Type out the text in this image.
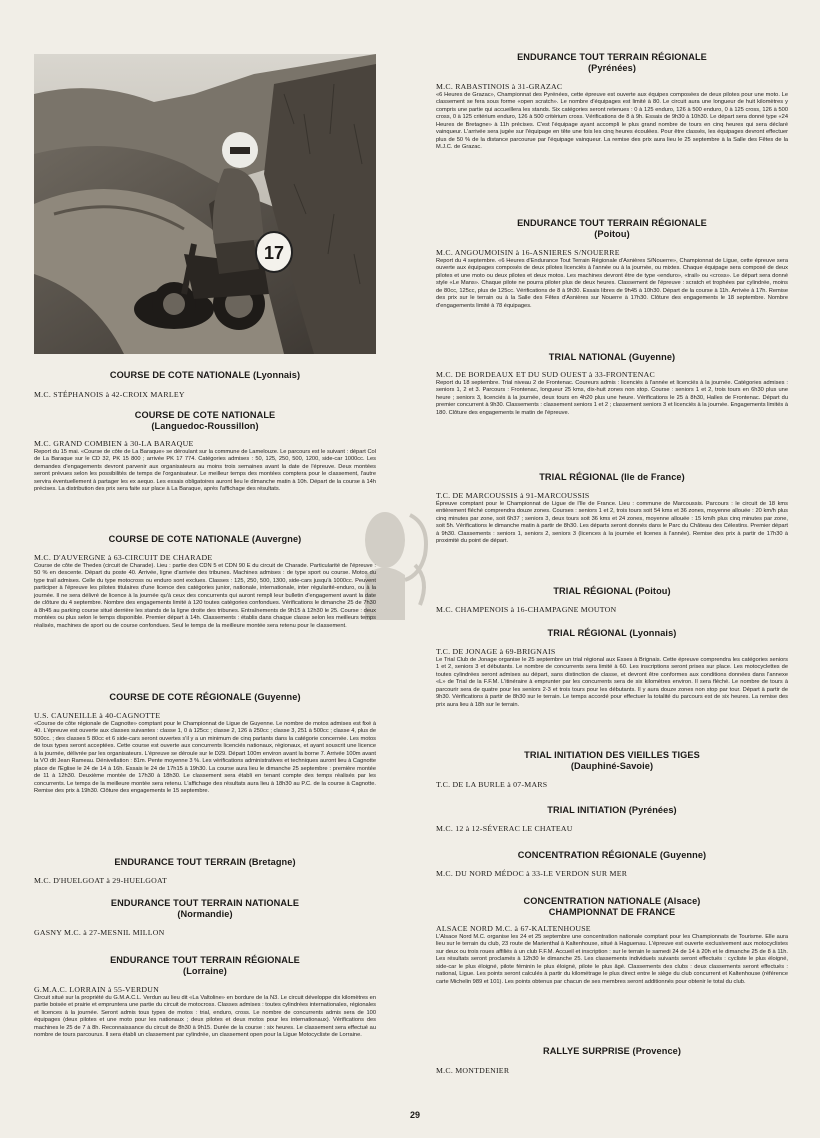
17
COURSE DE COTE NATIONALE (Lyonnais)
M.C. STÉPHANOIS à 42-CROIX MARLEY
COURSE DE COTE NATIONALE
(Languedoc-Roussillon)
M.C. GRAND COMBIEN à 30-LA BARAQUE

Report du 15 mai. «Course de côte de La Baraque» se déroulant sur la commune de Lamelouze. Le parcours est le suivant : départ Col de La Baraque sur le CD 32, PK 15 800 ; arrivée PK 17 774. Catégories admises : 50, 125, 250, 500, 1200, side-car 1000cc. Les demandes d'engagements devront parvenir aux organisateurs au moins trois semaines avant la date de l'épreuve. Deux montées seront prévues selon les possibilités de temps de l'organisateur. Le meilleur temps des montées comptera pour le classement, l'autre servira éventuellement à partager les ex aequo. Les essais obligatoires auront lieu le dimanche matin à 10h. Départ de la course à 14h précises. La distribution des prix sera faite sur place à La Baraque, après l'affichage des résultats.

COURSE DE COTE NATIONALE (Auvergne)
M.C. D'AUVERGNE à 63-CIRCUIT DE CHARADE

Course de côte de Thedes (circuit de Charade). Lieu : partie des CDN 5 et CDN 90 E du circuit de Charade. Particularité de l'épreuve : 50 % en descente. Départ du poste 40. Arrivée, ligne d'arrivée des tribunes. Machines admises : de type sport ou course. Motos du type trail admises. Celle du type motocross ou enduro sont exclues. Classes : 125, 250, 500, 1300, side-cars jusqu'à 1000cc. Peuvent participer à l'épreuve les pilotes titulaires d'une licence des catégories junior, nationale, internationale, inter régularité-enduro, ou à la journée. Il ne sera délivré de licence à la journée qu'à ceux des concurrents qui auront rempli leur bulletin d'engagement avant la date de clôture du 4 septembre. Nombre des engagements limité à 120 toutes catégories confondues. Vérifications le dimanche 25 de 7h30 à 8h45 au parking course situé derrière les stands de la ligne droite des tribunes. Entraînements de 9h15 à 12h30 le 25. Course : deux montées ou plus selon le temps disponible. Premier départ à 14h. Classements : établis dans chaque classe selon les meilleurs temps réalisés, machines de sport ou de course confondues. Seul le temps de la meilleure montée sera retenu pour le classement.

COURSE DE COTE RÉGIONALE (Guyenne)
U.S. CAUNEILLE à 40-CAGNOTTE

«Course de côte régionale de Cagnotte» comptant pour le Championnat de Ligue de Guyenne. Le nombre de motos admises est fixé à 40. L'épreuve est ouverte aux classes suivantes : classe 1, 0 à 125cc ; classe 2, 126 à 250cc ; classe 3, 251 à 500cc ; classe 4, plus de 500cc. ; des classes 5 80cc et 6 side-cars seront ouvertes s'il y a un minimum de cinq partants dans la catégorie concernée. Les motos de tous types seront acceptées. Cette course est ouverte aux concurrents licenciés nationaux, régionaux, et ayant souscrit une licence à la journée, délivrée par les organisateurs. L'épreuve se déroule sur le D29. Départ 100m environ avant la borne 7. Arrivée 100m avant la VO dit Jean Rameau. Dénivellation : 81m. Pente moyenne 3 %. Les vérifications administratives et techniques auront lieu à Cagnotte place de l'Eglise le 24 de 14 à 16h. Essais le 24 de 17h15 à 19h30. La course aura lieu le dimanche 25 septembre : première montée de 11 à 12h30. Deuxième montée de 17h30 à 18h30. Le classement sera établi en tenant compte des temps réalisés par les concurrents. Le temps de la meilleure montée sera retenu. L'affichage des résultats aura lieu à 18h30 au P.C. de la course à Cagnotte. Remise des prix à 19h30. Clôture des engagements le 15 septembre.

ENDURANCE TOUT TERRAIN (Bretagne)
M.C. D'HUELGOAT à 29-HUELGOAT
ENDURANCE TOUT TERRAIN NATIONALE
(Normandie)
GASNY M.C. à 27-MESNIL MILLON
ENDURANCE TOUT TERRAIN RÉGIONALE
(Lorraine)
G.M.A.C. LORRAIN à 55-VERDUN

Circuit situé sur la propriété du G.M.A.C.L. Verdun au lieu dit «La Valtoline» en bordure de la N3. Le circuit développe dix kilomètres en partie boisée et prairie et empruntera une partie du circuit de motocross. Classes admises : toutes cylindrées internationales, régionales et licences à la journée. Seront admis tous types de motos : trial, enduro, cross. Le nombre de concurrents admis sera de 100 équipages (deux pilotes et une moto pour les nationaux ; deux pilotes et deux motos pour les internationaux). Vérifications des machines le 25 de 7 à 8h. Reconnaissance du circuit de 8h30 à 9h15. Durée de la course : six heures. Le classement sera effectué au nombre de tours parcourus. Il sera établi un classement par cylindrée, un classement open pour la Ligue Motocycliste de Lorraine.

ENDURANCE TOUT TERRAIN RÉGIONALE
(Pyrénées)
M.C. RABASTINOIS à 31-GRAZAC

«6 Heures de Grazac», Championnat des Pyrénées, cette épreuve est ouverte aux équipes composées de deux pilotes pour une moto. Le classement se fera sous forme «open scratch». Le nombre d'équipages est limité à 80. Le circuit aura une longueur de huit kilomètres y compris une partie qui accueillera les stands. Six catégories seront retenues : 0 à 125 enduro, 126 à 500 enduro, 0 à 125 cross, 126 à 500 cross, 0 à 125 critérium enduro, 126 à 500 critérium cross. Vérifications de 8 à 9h. Essais de 9h30 à 10h30. Le départ sera donné type «24 Heures de Bretagne» à 11h précises. C'est l'équipage ayant accompli le plus grand nombre de tours en cinq heures qui sera déclaré vainqueur. L'arrivée sera jugée sur l'équipage en tête une fois les cinq heures écoulées. Pour être classés, les équipages devront effectuer plus de 50 % de la distance parcourue par l'équipage vainqueur. La remise des prix aura lieu le 25 septembre à la Salle des Fêtes de la M.J.C. de Grazac.

ENDURANCE TOUT TERRAIN RÉGIONALE
(Poitou)
M.C. ANGOUMOISIN à 16-ASNIERES S/NOUERRE

Report du 4 septembre. «6 Heures d'Endurance Tout Terrain Régionale d'Asnières S/Nouerre», Championnat de Ligue, cette épreuve sera ouverte aux équipages composés de deux pilotes licenciés à l'année ou à la journée, ou mixtes. Chaque équipage sera composé de deux pilotes et une moto ou deux pilotes et deux motos. Les machines devront être de type «enduro», «trail» ou «cross». Le départ sera donné style «Le Mans». Chaque pilote ne pourra piloter plus de deux heures. Classement de l'épreuve : scratch et trophées par cylindrée, moins de 80cc, 125cc, plus de 125cc. Vérifications de 8 à 9h30. Essais libres de 9h45 à 10h30. Départ de la course à 11h. Arrivée à 17h. Remise des prix sur le terrain ou à la Salle des Fêtes d'Asnières sur Nouerre à 17h30. Clôture des engagements le 18 septembre. Nombre d'engagements limité à 78 équipages.

TRIAL NATIONAL (Guyenne)
M.C. DE BORDEAUX ET DU SUD OUEST à 33-FRONTENAC

Report du 18 septembre. Trial niveau 2 de Frontenac. Coureurs admis : licenciés à l'année et licenciés à la journée. Catégories admises : seniors 1, 2 et 3. Parcours : Frontenac, longueur 25 kms, dix-huit zones non stop. Course : seniors 1 et 2, trois tours en 6h30 plus une heure ; seniors 3, licenciés à la journée, deux tours en 4h20 plus une heure. Vérifications le 25 à 8h30, Halles de Frontenac. Départ du premier concurrent à 9h30. Classements : classement seniors 1 et 2 ; classement seniors 3 et licenciés à la journée. Engagements limités à 180. Clôture des engagements le matin de l'épreuve.

TRIAL RÉGIONAL (Ile de France)
T.C. DE MARCOUSSIS à 91-MARCOUSSIS

Épreuve comptant pour le Championnat de Ligue de l'Ile de France. Lieu : commune de Marcoussis. Parcours : le circuit de 18 kms entièrement fléché comprendra douze zones. Courses : seniors 1 et 2, trois tours soit 54 kms et 36 zones, moyenne allouée : 20 km/h plus cinq minutes par zone, soit 6h37 ; seniors 3, deux tours soit 36 kms et 24 zones, moyenne allouée : 15 km/h plus cinq minutes par zone, soit 5h. Vérifications le dimanche matin à partir de 8h30. Les départs seront donnés dans le Parc du Château des Célestins. Premier départ à 9h30. Classements : seniors 1, seniors 2, seniors 3 (licences à la journée et licenes à l'année). Remise des prix à partir de 17h30 à proximité du point de départ.

TRIAL RÉGIONAL (Poitou)
M.C. CHAMPENOIS à 16-CHAMPAGNE MOUTON
TRIAL RÉGIONAL (Lyonnais)
T.C. DE JONAGE à 69-BRIGNAIS

Le Trial Club de Jonage organise le 25 septembre un trial régional aux Esses à Brignais. Cette épreuve comprendra les catégories seniors 1 et 2, seniors 3 et débutants. Le nombre de concurrents sera limité à 60. Les inscriptions seront prises sur place. Les motocyclettes de toutes cylindrées seront admises au départ, sans distinction de classe, et devront être conformes aux conditions données dans l'annexe «L» de Trial de la F.F.M. L'itinéraire à emprunter par les concurrents sera de six kilomètres environ. Il sera fléché. Le nombre de tours à parcourir sera de quatre pour les seniors 2-3 et trois tours pour les débutants. Il y aura douze zones non stop par tour. Départ à partir de 9h30. Vérifications à partir de 8h30 sur le terrain. Le temps accordé pour effectuer la totalité du parcours est de six heures. La remise des prix aura lieu à 18h sur le terrain.

TRIAL INITIATION DES VIEILLES TIGES
(Dauphiné-Savoie)
T.C. DE LA BURLE à 07-MARS
TRIAL INITIATION (Pyrénées)
M.C. 12 à 12-SÉVERAC LE CHATEAU
CONCENTRATION RÉGIONALE (Guyenne)
M.C. DU NORD MÉDOC à 33-LE VERDON SUR MER
CONCENTRATION NATIONALE (Alsace)
CHAMPIONNAT DE FRANCE
ALSACE NORD M.C. à 67-KALTENHOUSE

L'Alsace Nord M.C. organise les 24 et 25 septembre une concentration nationale comptant pour les Championnats de Tourisme. Elle aura lieu sur le terrain du club, 23 route de Marienthal à Kaltenhouse, situé à Haguenau. L'épreuve est ouverte exclusivement aux motocyclistes sur deux ou trois roues affiliés à un club F.F.M. Accueil et inscription : sur le terrain le samedi 24 de 14 à 20h et le dimanche 25 de 8 à 11h. Les résultats seront proclamés à 12h30 le dimanche 25. Les classements individuels suivants seront effectués : cycliste le plus éloigné, side-car le plus éloigné, pilote féminin le plus éloigné, pilote le plus âgé. Classements des clubs : deux classements seront effectués : national, Ligue. Les points seront calculés à partir du kilométrage le plus direct entre le siège du club concurrent et Kaltenhouse (référence carte Michelin 989 et 101). Les points obtenus par chacun de ses membres seront additionnés pour obtenir le total du club.

RALLYE SURPRISE (Provence)
M.C. MONTDENIER
29
